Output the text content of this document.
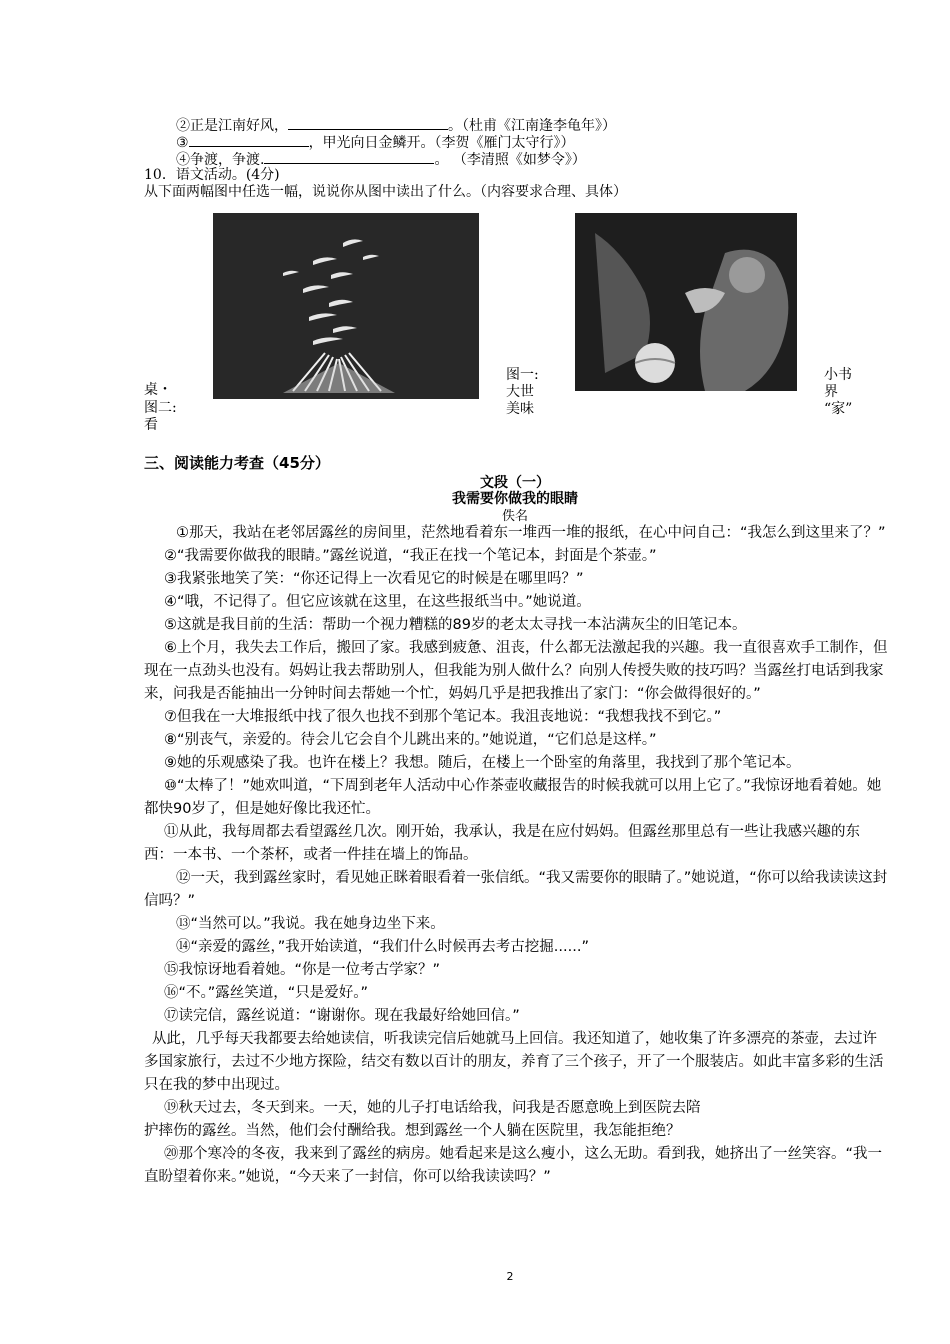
②正是江南好风，	。（杜甫《江南逢李龟年》）
③	，甲光向日金鳞开。（李贺《雁门太守行》）
④争渡，争渡.	。 （李清照《如梦令》）
10．语文活动。(4分)
从下面两幅图中任选一幅，说说你从图中读出了什么。（内容要求合理、具体）
桌・
图二:
看
图一:
大世
美味
小书
界
“家”
三、阅读能力考查（45分）
文段（一）
我需要你做我的眼睛
佚名

①那天，我站在老邻居露丝的房间里，茫然地看着东一堆西一堆的报纸，在心中问自己：“我怎么到这里来了？”

②“我需要你做我的眼睛。”露丝说道，“我正在找一个笔记本，封面是个茶壶。”

③我紧张地笑了笑：“你还记得上一次看见它的时候是在哪里吗？”

④“哦，不记得了。但它应该就在这里，在这些报纸当中。”她说道。

⑤这就是我目前的生活：帮助一个视力糟糕的89岁的老太太寻找一本沾满灰尘的旧笔记本。

⑥上个月，我失去工作后，搬回了家。我感到疲惫、沮丧，什么都无法激起我的兴趣。我一直很喜欢手工制作，但现在一点劲头也没有。妈妈让我去帮助别人，但我能为别人做什么？向别人传授失败的技巧吗？当露丝打电话到我家来，问我是否能抽出一分钟时间去帮她一个忙，妈妈几乎是把我推出了家门：“你会做得很好的。”

⑦但我在一大堆报纸中找了很久也找不到那个笔记本。我沮丧地说：“我想我找不到它。”

⑧“别丧气，亲爱的。待会儿它会自个儿跳出来的。”她说道，“它们总是这样。”

⑨她的乐观感染了我。也许在楼上？我想。随后，在楼上一个卧室的角落里，我找到了那个笔记本。

⑩“太棒了！”她欢叫道，“下周到老年人活动中心作茶壶收藏报告的时候我就可以用上它了。”我惊讶地看着她。她都快90岁了，但是她好像比我还忙。

⑪从此，我每周都去看望露丝几次。刚开始，我承认，我是在应付妈妈。但露丝那里总有一些让我感兴趣的东西：一本书、一个茶杯，或者一件挂在墙上的饰品。

⑫一天，我到露丝家时，看见她正眯着眼看着一张信纸。“我又需要你的眼睛了。”她说道，“你可以给我读读这封信吗？”

⑬“当然可以。”我说。我在她身边坐下来。

⑭“亲爱的露丝，”我开始读道，“我们什么时候再去考古挖掘......”

⑮我惊讶地看着她。“你是一位考古学家？”

⑯“不。”露丝笑道，“只是爱好。”

⑰读完信，露丝说道：“谢谢你。现在我最好给她回信。”

从此，几乎每天我都要去给她读信，听我读完信后她就马上回信。我还知道了，她收集了许多漂亮的茶壶，去过许多国家旅行，去过不少地方探险，结交有数以百计的朋友，养育了三个孩子，开了一个服装店。如此丰富多彩的生活只在我的梦中出现过。

⑲秋天过去，冬天到来。一天，她的儿子打电话给我，问我是否愿意晚上到医院去陪

护摔伤的露丝。当然，他们会付酬给我。想到露丝一个人躺在医院里，我怎能拒绝？

⑳那个寒冷的冬夜，我来到了露丝的病房。她看起来是这么瘦小，这么无助。看到我，她挤出了一丝笑容。“我一直盼望着你来。”她说，“今天来了一封信，你可以给我读读吗？”

2
